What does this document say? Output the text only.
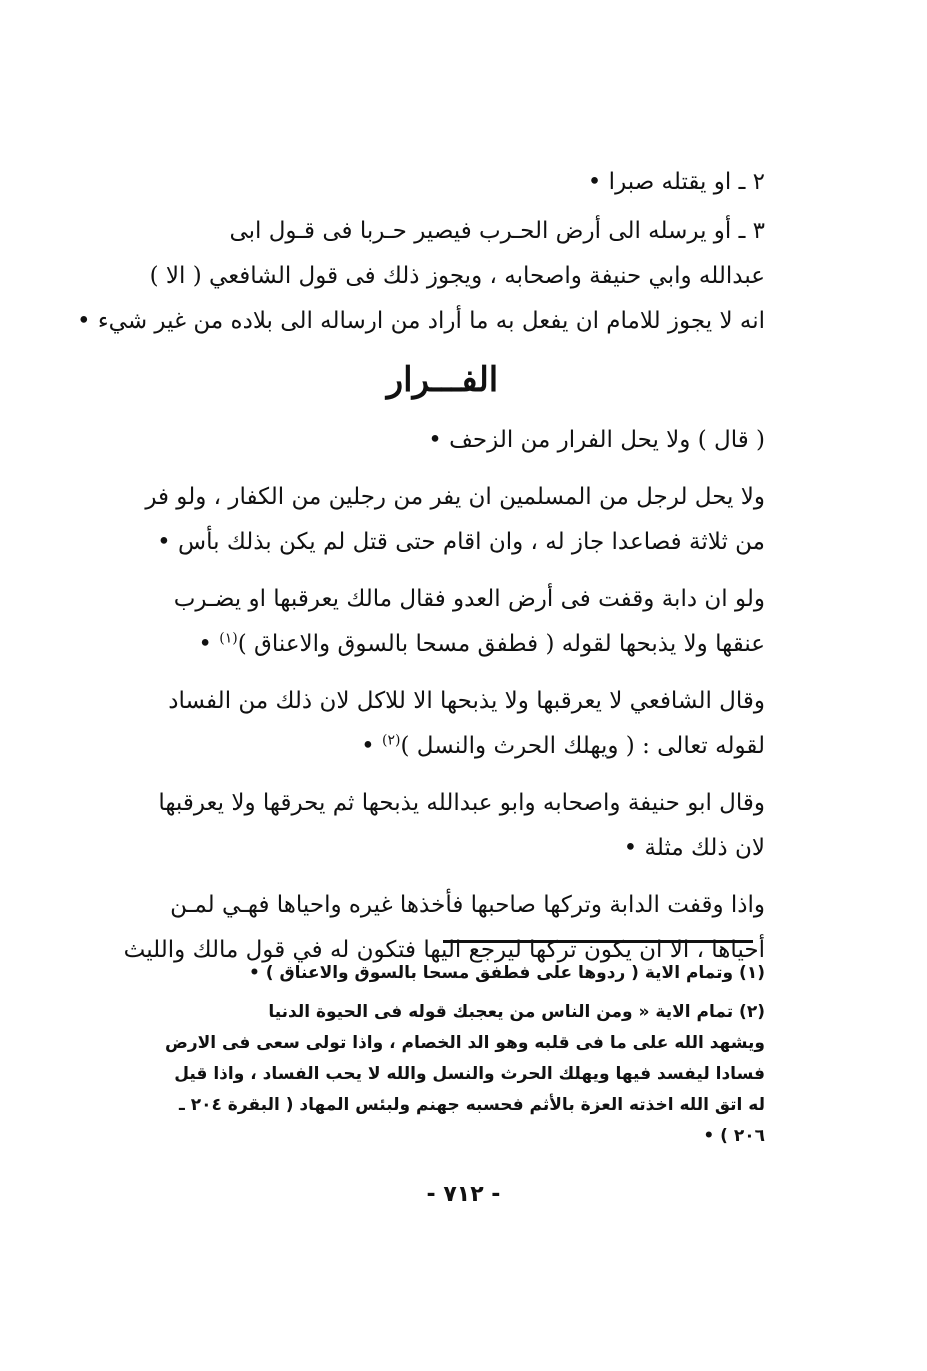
٢ ـ او يقتله صبرا •

٣ ـ أو يرسله الى أرض الحـرب فيصير حـربا فى قـول ابى
عبدالله وابي حنيفة واصحابه ، ويجوز ذلك فى قول الشافعي ( الا )
انه لا يجوز للامام ان يفعل به ما أراد من ارساله الى بلاده من غير شيء •

الفـــرار

( قال ) ولا يحل الفرار من الزحف •

ولا يحل لرجل من المسلمين ان يفر من رجلين من الكفار ، ولو فر
من ثلاثة فصاعدا جاز له ، وان اقام حتى قتل لم يكن بذلك بأس •

ولو ان دابة وقفت فى أرض العدو فقال مالك يعرقبها او يضـرب
عنقها ولا يذبحها لقوله ( فطفق مسحا بالسوق والاعناق )$^{(١)}$ •

وقال الشافعي لا يعرقبها ولا يذبحها الا للاكل لان ذلك من الفساد
لقوله تعالى : ( ويهلك الحرث والنسل )$^{(٢)}$ •

وقال ابو حنيفة واصحابه وابو عبدالله يذبحها ثم يحرقها ولا يعرقبها
لان ذلك مثلة •

واذا وقفت الدابة وتركها صاحبها فأخذها غيره واحياها فهـي لمـن
أحياها ، الا ان يكون تركها ليرجع اليها فتكون له في قول مالك والليث

(١) وتمام الاية ( ردوها على فطفق مسحا بالسوق والاعناق ) •

(٢) تمام الاية « ومن الناس من يعجبك قوله فى الحيوة الدنيا
ويشهد الله على ما فى قلبه وهو الد الخصام ، واذا تولى سعى فى الارض
فسادا ليفسد فيها ويهلك الحرث والنسل والله لا يحب الفساد ، واذا قيل
له اتق الله اخذته العزة بالأثم فحسبه جهنم ولبئس المهاد ( البقرة ٢٠٤ ـ
٢٠٦ ) •

- ٧١٢ -
